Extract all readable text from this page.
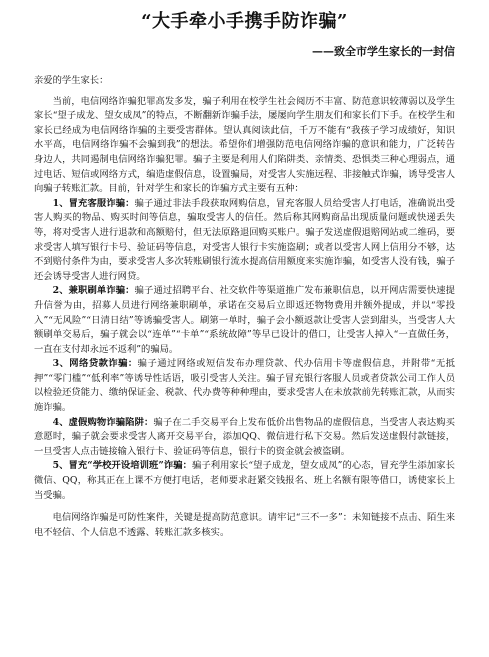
“大手牵小手携手防诈骗”
——致全市学生家长的一封信

亲爱的学生家长：

当前，电信网络诈骗犯罪高发多发，骗子利用在校学生社会阅历不丰富、防范意识较薄弱以及学生家长“望子成龙、望女成凤”的特点，不断翻新诈骗手法，屡屡向学生朋友们和家长们下手。在校学生和家长已经成为电信网络诈骗的主要受害群体。望认真阅读此信，千万不能有“我孩子学习成绩好，知识水平高，电信网络诈骗不会骗到我”的想法。希望你们增强防范电信网络诈骗的意识和能力，广泛转告身边人，共同遏制电信网络诈骗犯罪。骗子主要是利用人们陷阱类、亲情类、恐惧类三种心理弱点，通过电话、短信或网络方式，编造虚假信息，设置骗局，对受害人实施远程、非接触式诈骗，诱导受害人向骗子转账汇款。目前，针对学生和家长的诈骗方式主要有五种：

1、冒充客服诈骗：骗子通过非法手段获取网购信息，冒充客服人员给受害人打电话，准确说出受害人购买的物品、购买时间等信息，骗取受害人的信任。然后称其网购商品出现质量问题或快递丢失等，将对受害人进行退款和高额赔付，但无法原路退回购买账户。骗子发送虚假退赔网站或二维码，要求受害人填写银行卡号、验证码等信息，对受害人银行卡实施盗刷；或者以受害人网上信用分不够，达不到赔付条件为由，要求受害人多次转账刷银行流水提高信用额度来实施诈骗，如受害人没有钱，骗子还会诱导受害人进行网贷。

2、兼职刷单诈骗：骗子通过招聘平台、社交软件等渠道推广发布兼职信息，以开网店需要快速提升信誉为由，招募人员进行网络兼职刷单，承诺在交易后立即返还物物费用并额外提成，并以“零投入”“无风险”“日清日结”等诱骗受害人。刷第一单时，骗子会小额返款让受害人尝到甜头，当受害人大额刷单交易后，骗子就会以“连单”“卡单”“系统故障”等早已设计的借口，让受害人掉入“一直做任务，一直在支付却永远不返利”的骗局。

3、网络贷款诈骗：骗子通过网络或短信发布办理贷款、代办信用卡等虚假信息，并附带“无抵押”“零门槛”“低利率”等诱导性话语，吸引受害人关注。骗子冒充银行客服人员或者贷款公司工作人员以检验还贷能力、缴纳保证金、税款、代办费等种种理由，要求受害人在未放款前先转账汇款，从而实施诈骗。

4、虚假购物诈骗陷阱：骗子在二手交易平台上发布低价出售物品的虚假信息，当受害人表达购买意愿时，骗子就会要求受害人离开交易平台，添加QQ、微信进行私下交易。然后发送虚假付款链接，一旦受害人点击链接输入银行卡、验证码等信息，银行卡的资金就会被盗刷。

5、冒充“学校开设培训班”诈骗：骗子利用家长“望子成龙，望女成凤”的心态，冒充学生添加家长微信、QQ，称其正在上课不方便打电话，老师要求赶紧交钱报名、班上名额有限等借口，诱使家长上当受骗。

电信网络诈骗是可防性案件，关键是提高防范意识。请牢记“三不一多”：未知链接不点击、陌生来电不轻信、个人信息不透露、转账汇款多核实。
